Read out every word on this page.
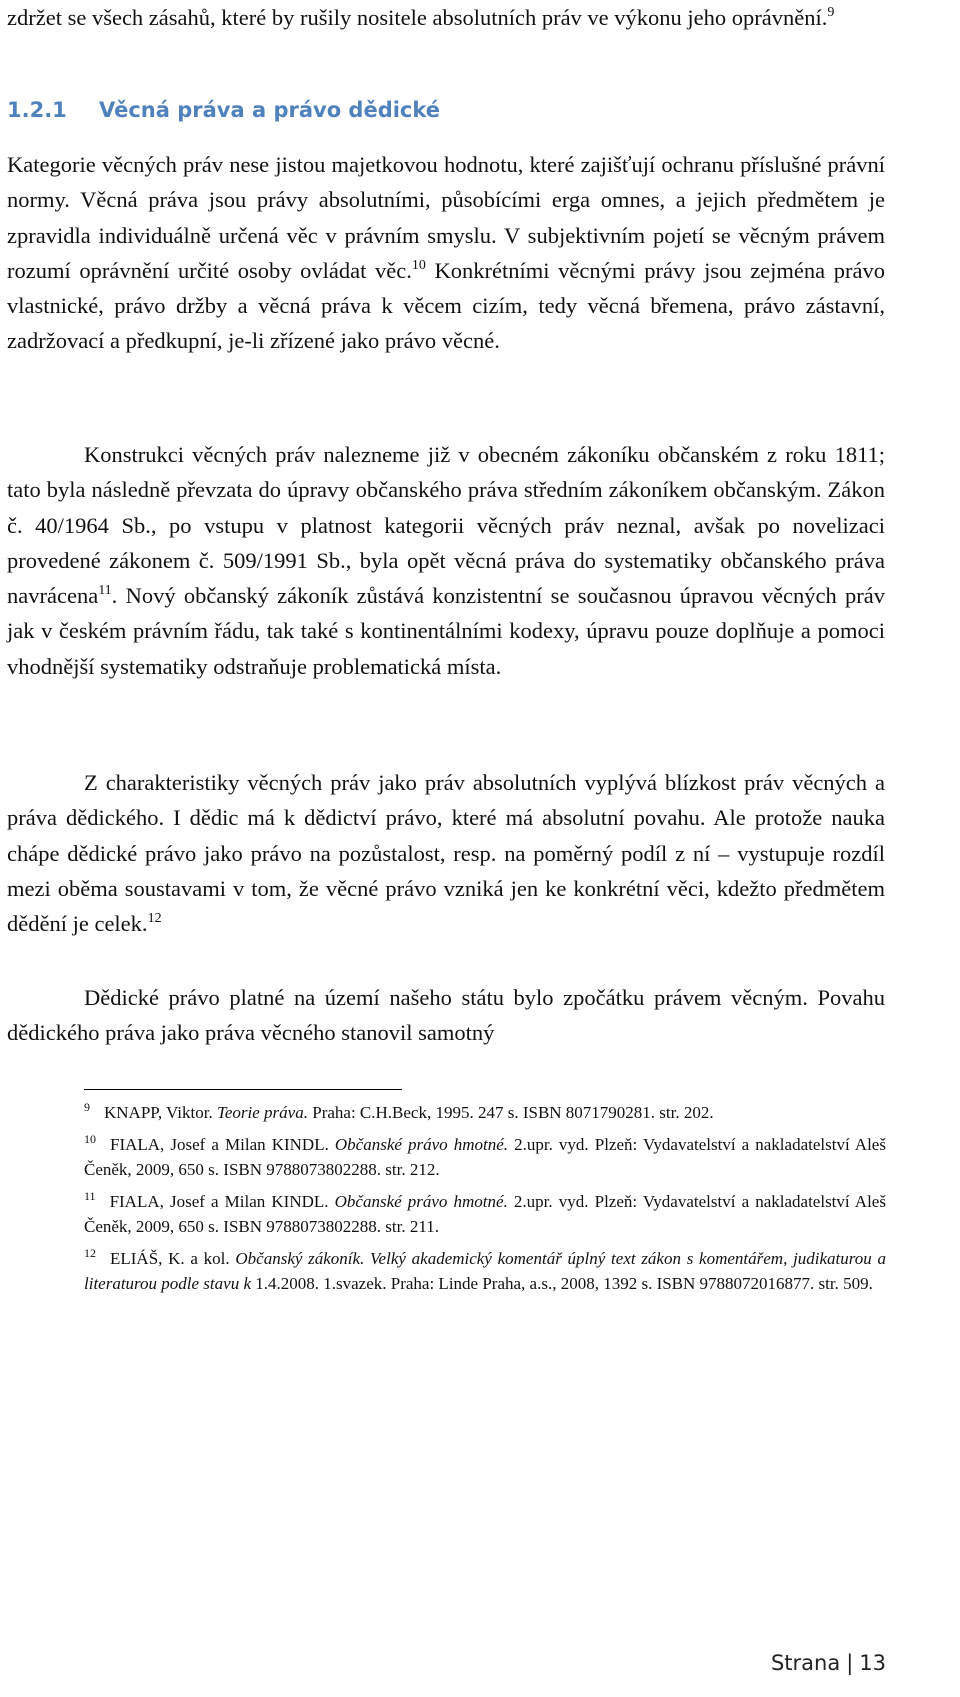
zdržet se všech zásahů, které by rušily nositele absolutních práv ve výkonu jeho oprávnění.$^9$

1.2.1 Věcná práva a právo dědické

Kategorie věcných práv nese jistou majetkovou hodnotu, které zajišťují ochranu příslušné právní normy. Věcná práva jsou právy absolutními, působícími erga omnes, a jejich předmětem je zpravidla individuálně určená věc v právním smyslu. V subjektivním pojetí se věcným právem rozumí oprávnění určité osoby ovládat věc.$^{10}$ Konkrétními věcnými právy jsou zejména právo vlastnické, právo držby a věcná práva k věcem cizím, tedy věcná břemena, právo zástavní, zadržovací a předkupní, je-li zřízené jako právo věcné.

Konstrukci věcných práv nalezneme již v obecném zákoníku občanském z roku 1811; tato byla následně převzata do úpravy občanského práva středním zákoníkem občanským. Zákon č. 40/1964 Sb., po vstupu v platnost kategorii věcných práv neznal, avšak po novelizaci provedené zákonem č. 509/1991 Sb., byla opět věcná práva do systematiky občanského práva navrácena$^{11}$. Nový občanský zákoník zůstává konzistentní se současnou úpravou věcných práv jak v českém právním řádu, tak také s kontinentálními kodexy, úpravu pouze doplňuje a pomoci vhodnější systematiky odstraňuje problematická místa.

Z charakteristiky věcných práv jako práv absolutních vyplývá blízkost práv věcných a práva dědického. I dědic má k dědictví právo, které má absolutní povahu. Ale protože nauka chápe dědické právo jako právo na pozůstalost, resp. na poměrný podíl z ní – vystupuje rozdíl mezi oběma soustavami v tom, že věcné právo vzniká jen ke konkrétní věci, kdežto předmětem dědění je celek.$^{12}$

Dědické právo platné na území našeho státu bylo zpočátku právem věcným. Povahu dědického práva jako práva věcného stanovil samotný

$^9$ KNAPP, Viktor. Teorie práva. Praha: C.H.Beck, 1995. 247 s. ISBN 8071790281. str. 202.

$^{10}$ FIALA, Josef a Milan KINDL. Občanské právo hmotné. 2.upr. vyd. Plzeň: Vydavatelství a nakladatelství Aleš Čeněk, 2009, 650 s. ISBN 9788073802288. str. 212.

$^{11}$ FIALA, Josef a Milan KINDL. Občanské právo hmotné. 2.upr. vyd. Plzeň: Vydavatelství a nakladatelství Aleš Čeněk, 2009, 650 s. ISBN 9788073802288. str. 211.

$^{12}$ ELIÁŠ, K. a kol. Občanský zákoník. Velký akademický komentář úplný text zákon s komentářem, judikaturou a literaturou podle stavu k 1.4.2008. 1.svazek. Praha: Linde Praha, a.s., 2008, 1392 s. ISBN 9788072016877. str. 509.

Strana | 13
